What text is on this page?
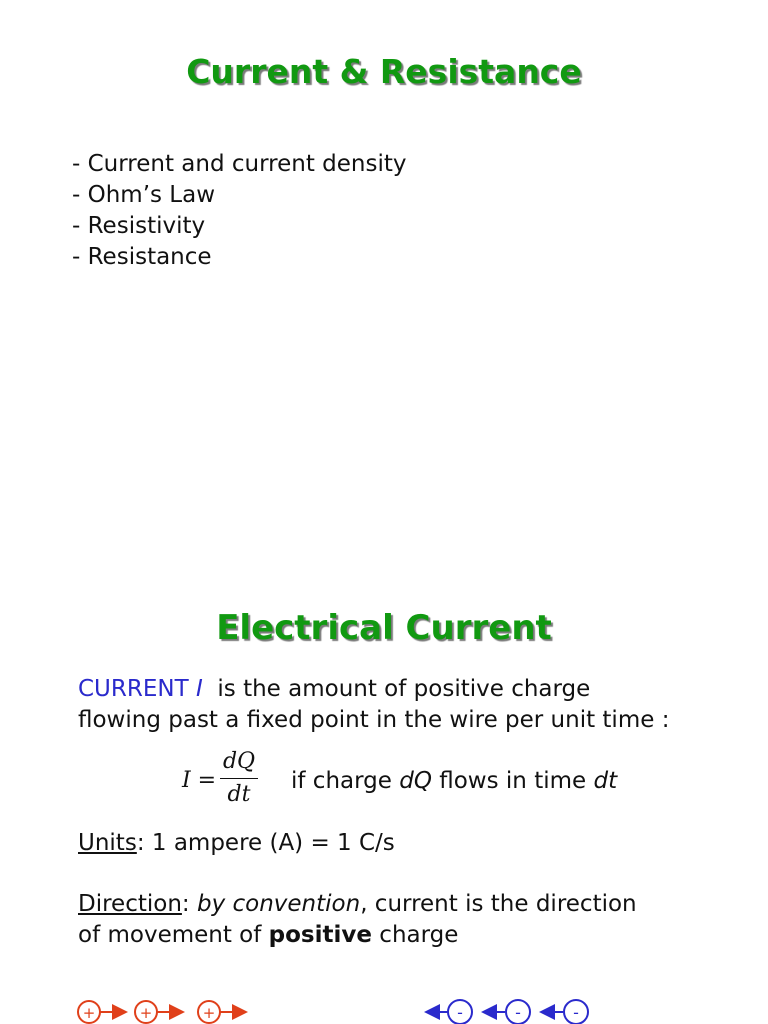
Current & Resistance
- Current and current density
- Ohm’s Law
- Resistivity
- Resistance
Electrical Current
CURRENT I is the amount of positive charge
flowing past a fixed point in the wire per unit time :
I =
dQ
dt
if charge dQ flows in time dt
Units: 1 ampere (A) = 1 C/s
Direction: by convention, current is the direction
of movement of positive charge
+	+	+	-	-	-
